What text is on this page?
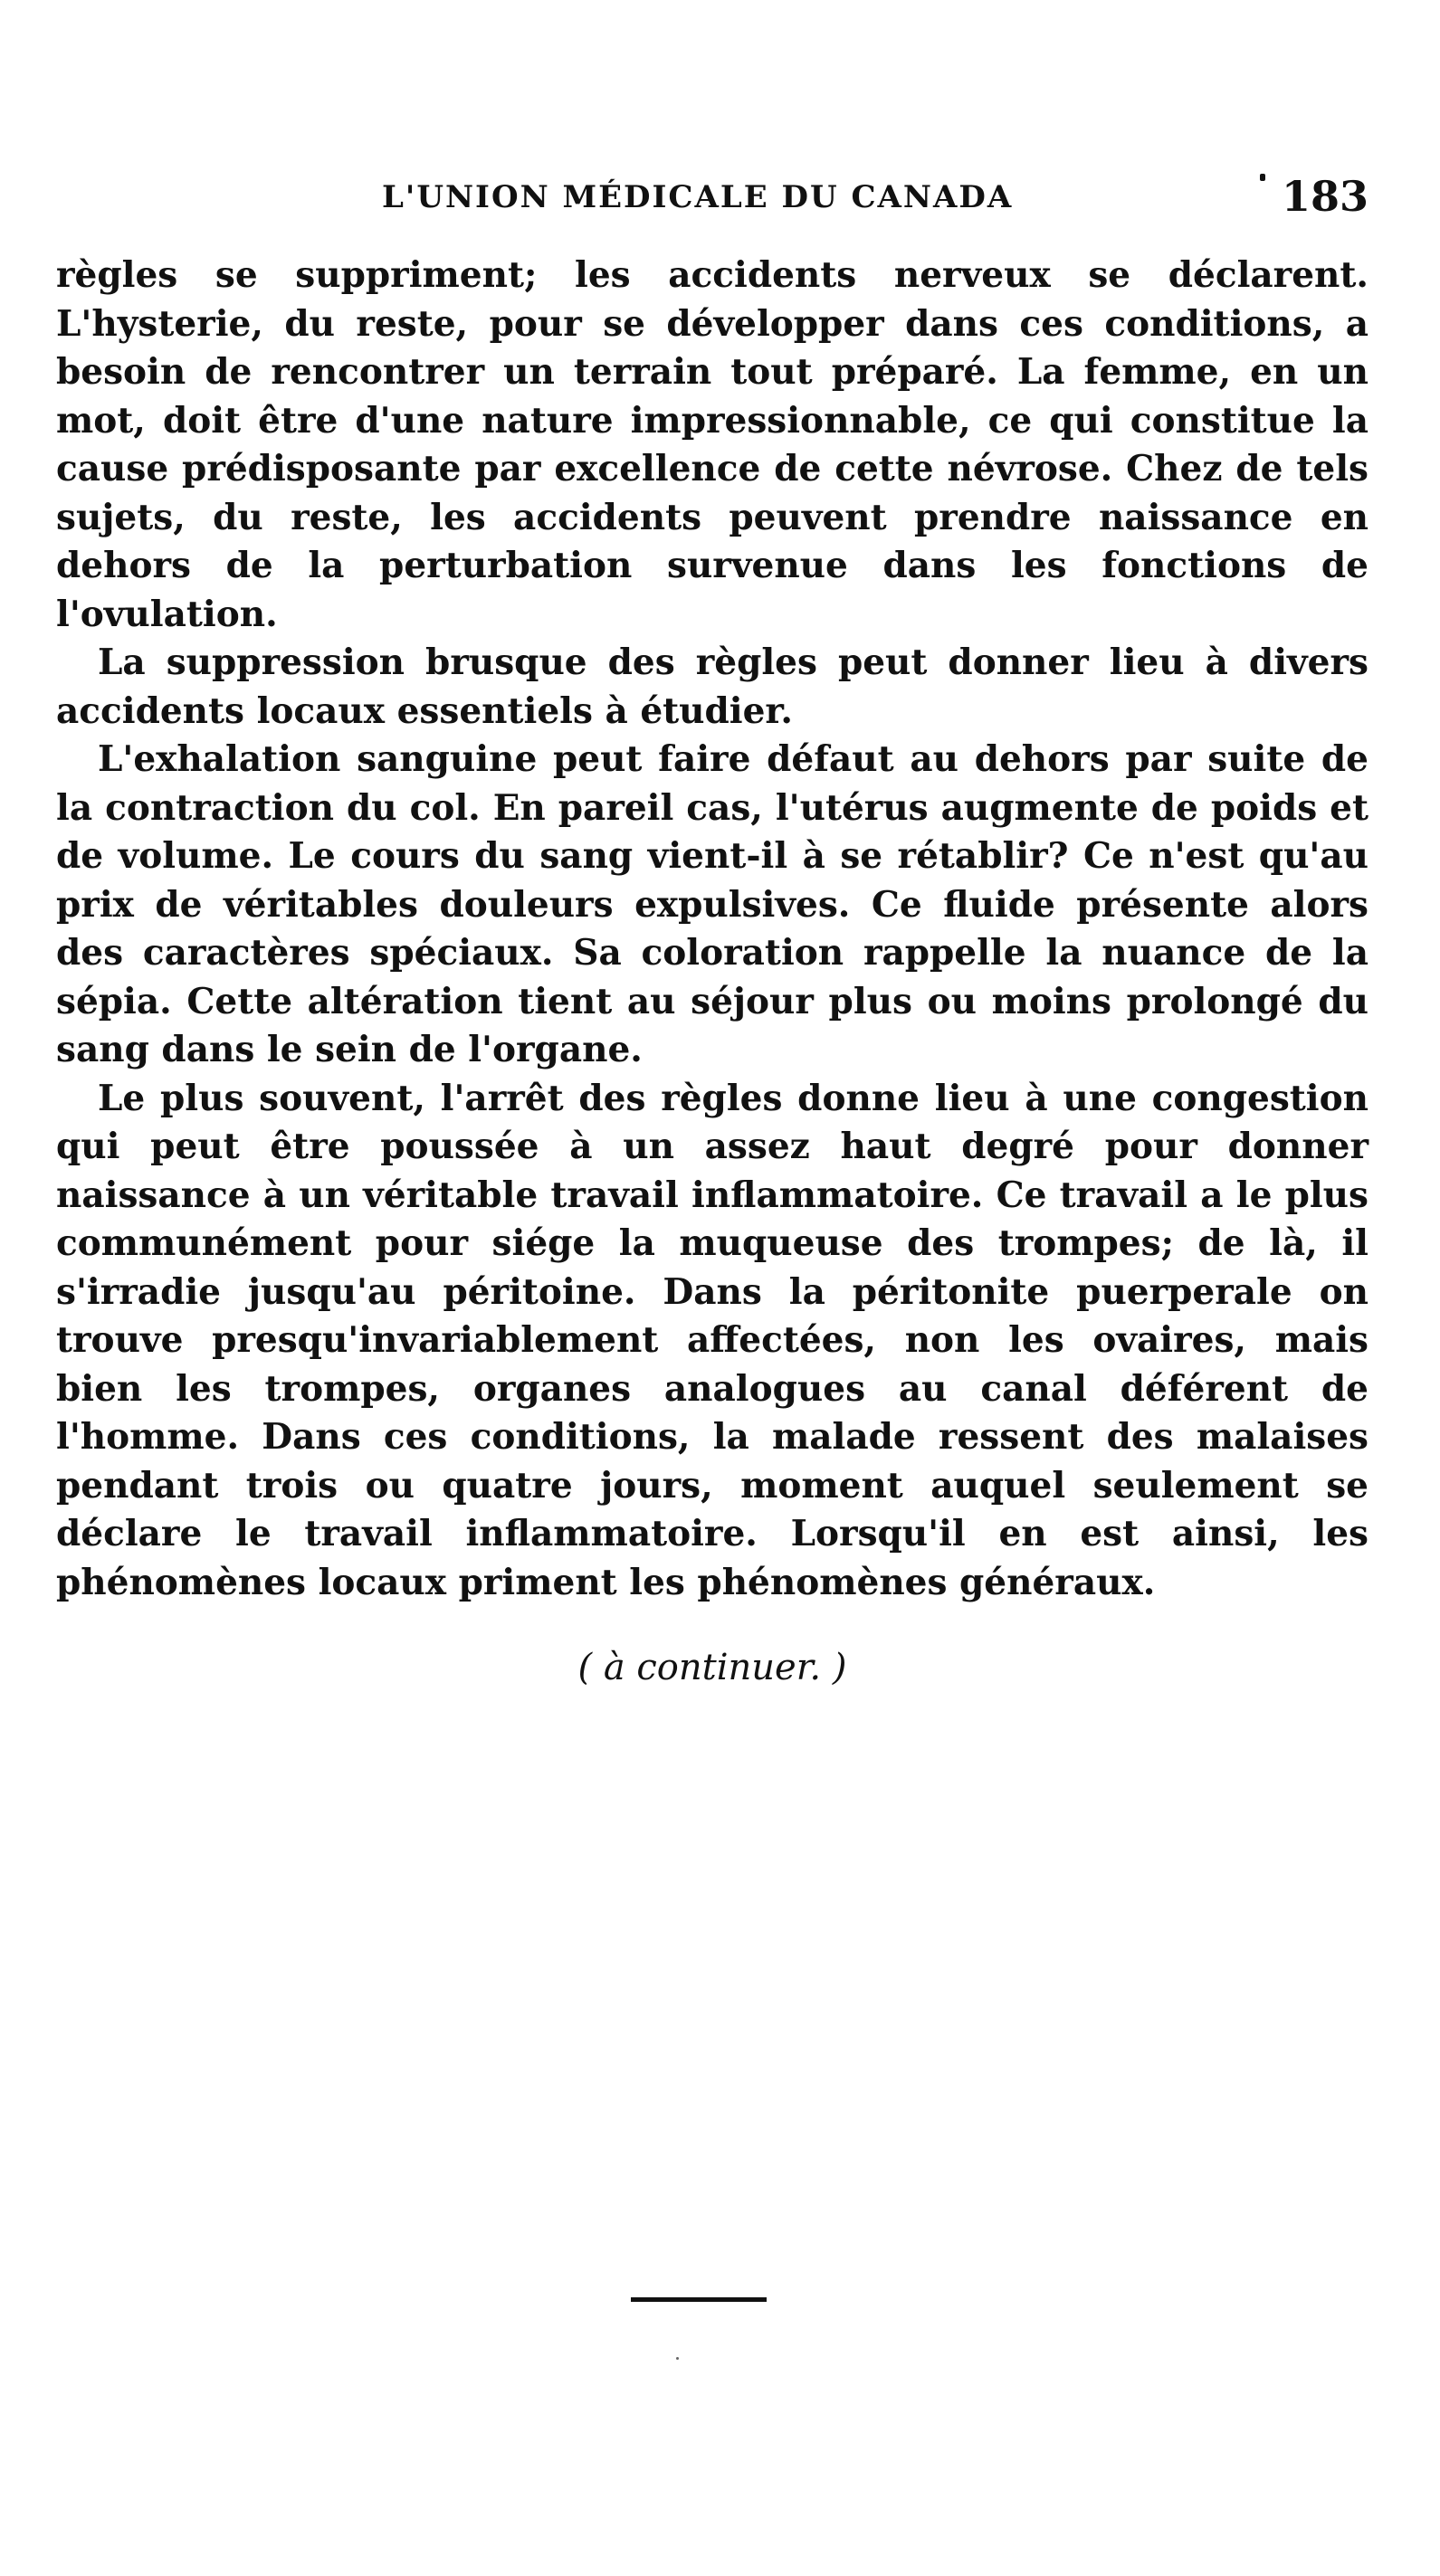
L'UNION MÉDICALE DU CANADA	183

règles se suppriment; les accidents nerveux se déclarent. L'hysterie, du reste, pour se développer dans ces conditions, a besoin de rencontrer un terrain tout préparé. La femme, en un mot, doit être d'une nature impressionnable, ce qui constitue la cause prédisposante par excellence de cette névrose. Chez de tels sujets, du reste, les accidents peuvent prendre naissance en dehors de la perturbation survenue dans les fonctions de l'ovulation.

La suppression brusque des règles peut donner lieu à divers accidents locaux essentiels à étudier.

L'exhalation sanguine peut faire défaut au dehors par suite de la contraction du col. En pareil cas, l'utérus augmente de poids et de volume. Le cours du sang vient-il à se rétablir? Ce n'est qu'au prix de véritables douleurs expulsives. Ce fluide présente alors des caractères spéciaux. Sa coloration rappelle la nuance de la sépia. Cette altération tient au séjour plus ou moins prolongé du sang dans le sein de l'organe.

Le plus souvent, l'arrêt des règles donne lieu à une congestion qui peut être poussée à un assez haut degré pour donner naissance à un véritable travail inflammatoire. Ce travail a le plus communément pour siége la muqueuse des trompes; de là, il s'irradie jusqu'au péritoine. Dans la péritonite puerperale on trouve presqu'invariablement affectées, non les ovaires, mais bien les trompes, organes analogues au canal déférent de l'homme. Dans ces conditions, la malade ressent des malaises pendant trois ou quatre jours, moment auquel seulement se déclare le travail inflammatoire. Lorsqu'il en est ainsi, les phénomènes locaux priment les phénomènes généraux.

( à continuer. )
